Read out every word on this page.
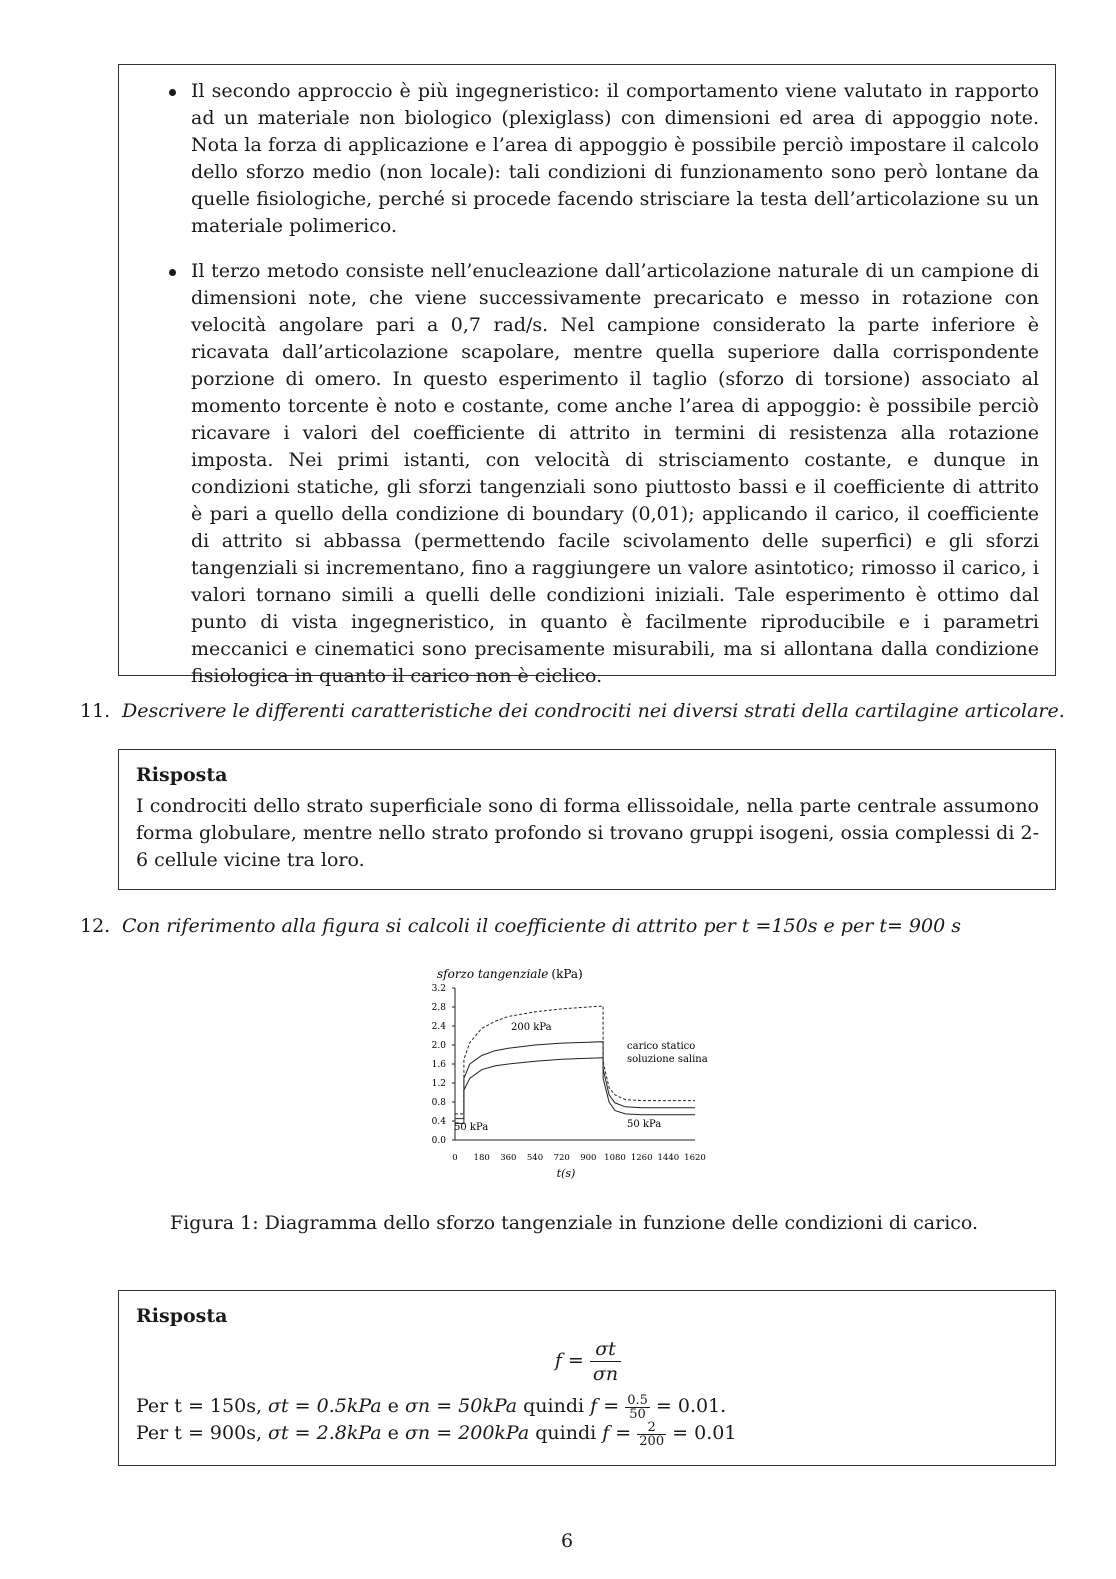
Il secondo approccio è più ingegneristico: il comportamento viene valutato in rapporto ad un materiale non biologico (plexiglass) con dimensioni ed area di appoggio note. Nota la forza di applicazione e l’area di appoggio è possibile perciò impostare il calcolo dello sforzo medio (non locale): tali condizioni di funzionamento sono però lontane da quelle fisiologiche, perché si procede facendo strisciare la testa dell’articolazione su un materiale polimerico.

Il terzo metodo consiste nell’enucleazione dall’articolazione naturale di un campione di dimensioni note, che viene successivamente precaricato e messo in rotazione con velocità angolare pari a 0,7 rad/s. Nel campione considerato la parte inferiore è ricavata dall’articolazione scapolare, mentre quella superiore dalla corrispondente porzione di omero. In questo esperimento il taglio (sforzo di torsione) associato al momento torcente è noto e costante, come anche l’area di appoggio: è possibile perciò ricavare i valori del coefficiente di attrito in termini di resistenza alla rotazione imposta. Nei primi istanti, con velocità di strisciamento costante, e dunque in condizioni statiche, gli sforzi tangenziali sono piuttosto bassi e il coefficiente di attrito è pari a quello della condizione di boundary (0,01); applicando il carico, il coefficiente di attrito si abbassa (permettendo facile scivolamento delle superfici) e gli sforzi tangenziali si incrementano, fino a raggiungere un valore asintotico; rimosso il carico, i valori tornano simili a quelli delle condizioni iniziali. Tale esperimento è ottimo dal punto di vista ingegneristico, in quanto è facilmente riproducibile e i parametri meccanici e cinematici sono precisamente misurabili, ma si allontana dalla condizione fisiologica in quanto il carico non è ciclico.

11. Descrivere le differenti caratteristiche dei condrociti nei diversi strati della cartilagine articolare.

Risposta

I condrociti dello strato superficiale sono di forma ellissoidale, nella parte centrale assumono forma globulare, mentre nello strato profondo si trovano gruppi isogeni, ossia complessi di 2-6 cellule vicine tra loro.

12. Con riferimento alla figura si calcoli il coefficiente di attrito per t =150s e per t= 900 s
sforzo tangenziale (kPa)
0.0
0.4
0.8
1.2
1.6
2.0
2.4
2.8
3.2
0 180 360 540 720 900 1080 1260 1440 1620
200 kPa
50 kPa	50 kPa
carico statico
soluzione salina
t(s)
Figura 1: Diagramma dello sforzo tangenziale in funzione delle condizioni di carico.

Risposta

$f = \frac{\sigma t}{\sigma n}$
Per t = 150s, σt = 0.5kPa e σn = 50kPa quindi $f = \frac{0.5}{50} = 0.01$.
Per t = 900s, σt = 2.8kPa e σn = 200kPa quindi $f = \frac{2}{200} = 0.01$
6
